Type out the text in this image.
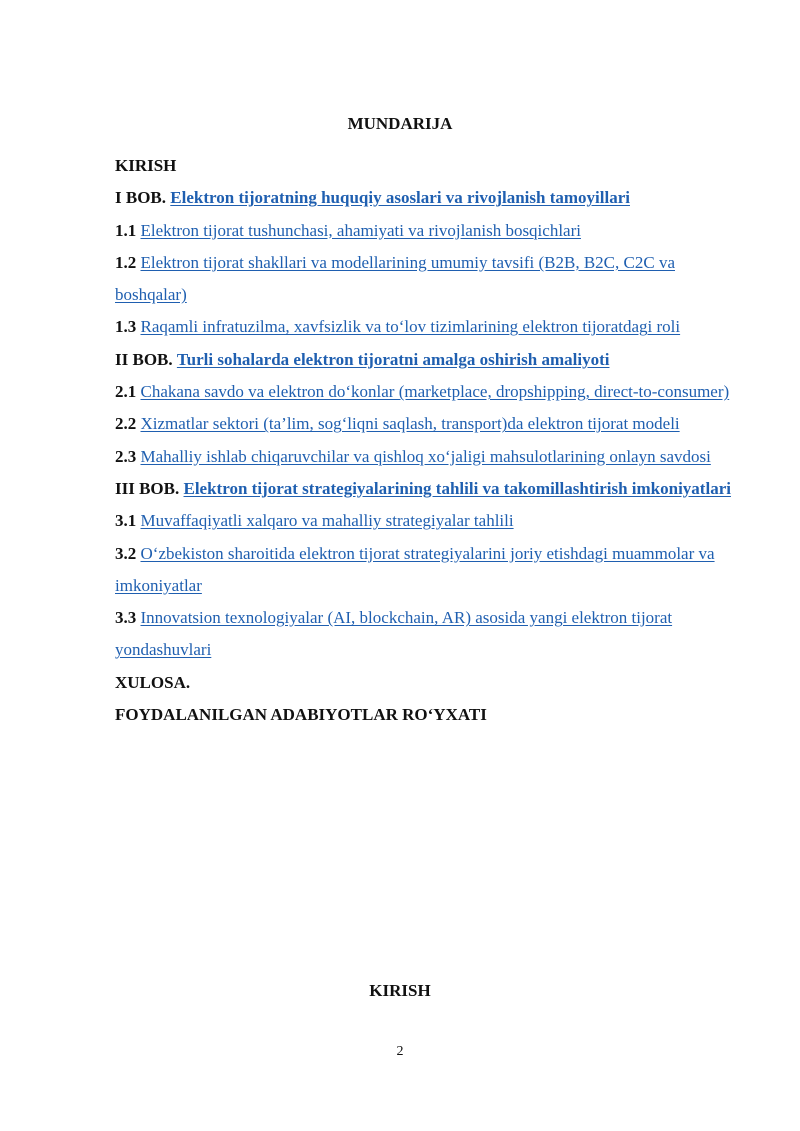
MUNDARIJA
KIRISH
I BOB. Elektron tijoratning huquqiy asoslari va rivojlanish tamoyillari
1.1 Elektron tijorat tushunchasi, ahamiyati va rivojlanish bosqichlari
1.2 Elektron tijorat shakllari va modellarining umumiy tavsifi (B2B, B2C, C2C va boshqalar)
1.3 Raqamli infratuzilma, xavfsizlik va to‘lov tizimlarining elektron tijoratdagi roli
II BOB. Turli sohalarda elektron tijoratni amalga oshirish amaliyoti
2.1 Chakana savdo va elektron do‘konlar (marketplace, dropshipping, direct-to-consumer)
2.2 Xizmatlar sektori (ta’lim, sog‘liqni saqlash, transport)da elektron tijorat modeli
2.3 Mahalliy ishlab chiqaruvchilar va qishloq xo‘jaligi mahsulotlarining onlayn savdosi
III BOB. Elektron tijorat strategiyalarining tahlili va takomillashtirish imkoniyatlari
3.1 Muvaffaqiyatli xalqaro va mahalliy strategiyalar tahlili
3.2 O‘zbekiston sharoitida elektron tijorat strategiyalarini joriy etishdagi muammolar va imkoniyatlar
3.3 Innovatsion texnologiyalar (AI, blockchain, AR) asosida yangi elektron tijorat yondashuvlari
XULOSA.
FOYDALANILGAN ADABIYOTLAR RO‘YXATI
KIRISH
2
